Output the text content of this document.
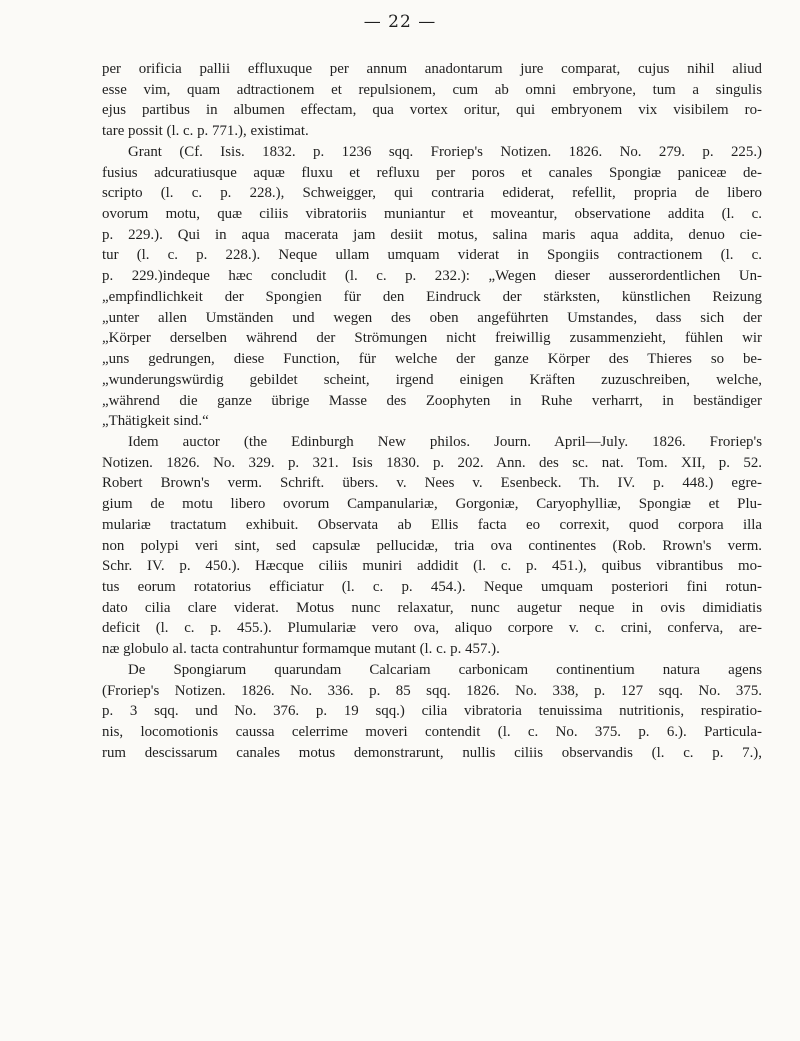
— 22 —
per orificia pallii effluxuque per annum anadontarum jure comparat, cujus nihil aliud
esse vim, quam adtractionem et repulsionem, cum ab omni embryone, tum a singulis
ejus partibus in albumen effectam, qua vortex oritur, qui embryonem vix visibilem ro-
tare possit (l. c. p. 771.), existimat.
Grant (Cf. Isis. 1832. p. 1236 sqq. Froriep's Notizen. 1826. No. 279. p. 225.)
fusius adcuratiusque aquæ fluxu et refluxu per poros et canales Spongiæ paniceæ de-
scripto (l. c. p. 228.), Schweigger, qui contraria ediderat, refellit, propria de libero
ovorum motu, quæ ciliis vibratoriis muniantur et moveantur, observatione addita (l. c.
p. 229.). Qui in aqua macerata jam desiit motus, salina maris aqua addita, denuo cie-
tur (l. c. p. 228.). Neque ullam umquam viderat in Spongiis contractionem (l. c.
p. 229.)indeque hæc concludit (l. c. p. 232.): „Wegen dieser ausserordentlichen Un-
„empfindlichkeit der Spongien für den Eindruck der stärksten, künstlichen Reizung
„unter allen Umständen und wegen des oben angeführten Umstandes, dass sich der
„Körper derselben während der Strömungen nicht freiwillig zusammenzieht, fühlen wir
„uns gedrungen, diese Function, für welche der ganze Körper des Thieres so be-
„wunderungswürdig gebildet scheint, irgend einigen Kräften zuzuschreiben, welche,
„während die ganze übrige Masse des Zoophyten in Ruhe verharrt, in beständiger
„Thätigkeit sind.“
Idem auctor (the Edinburgh New philos. Journ. April—July. 1826. Froriep's
Notizen. 1826. No. 329. p. 321. Isis 1830. p. 202. Ann. des sc. nat. Tom. XII, p. 52.
Robert Brown's verm. Schrift. übers. v. Nees v. Esenbeck. Th. IV. p. 448.) egre-
gium de motu libero ovorum Campanulariæ, Gorgoniæ, Caryophylliæ, Spongiæ et Plu-
mulariæ tractatum exhibuit. Observata ab Ellis facta eo correxit, quod corpora illa
non polypi veri sint, sed capsulæ pellucidæ, tria ova continentes (Rob. Rrown's verm.
Schr. IV. p. 450.). Hæcque ciliis muniri addidit (l. c. p. 451.), quibus vibrantibus mo-
tus eorum rotatorius efficiatur (l. c. p. 454.). Neque umquam posteriori fini rotun-
dato cilia clare viderat. Motus nunc relaxatur, nunc augetur neque in ovis dimidiatis
deficit (l. c. p. 455.). Plumulariæ vero ova, aliquo corpore v. c. crini, conferva, are-
næ globulo al. tacta contrahuntur formamque mutant (l. c. p. 457.).
De Spongiarum quarundam Calcariam carbonicam continentium natura agens
(Froriep's Notizen. 1826. No. 336. p. 85 sqq. 1826. No. 338, p. 127 sqq. No. 375.
p. 3 sqq. und No. 376. p. 19 sqq.) cilia vibratoria tenuissima nutritionis, respiratio-
nis, locomotionis caussa celerrime moveri contendit (l. c. No. 375. p. 6.). Particula-
rum descissarum canales motus demonstrarunt, nullis ciliis observandis (l. c. p. 7.),
